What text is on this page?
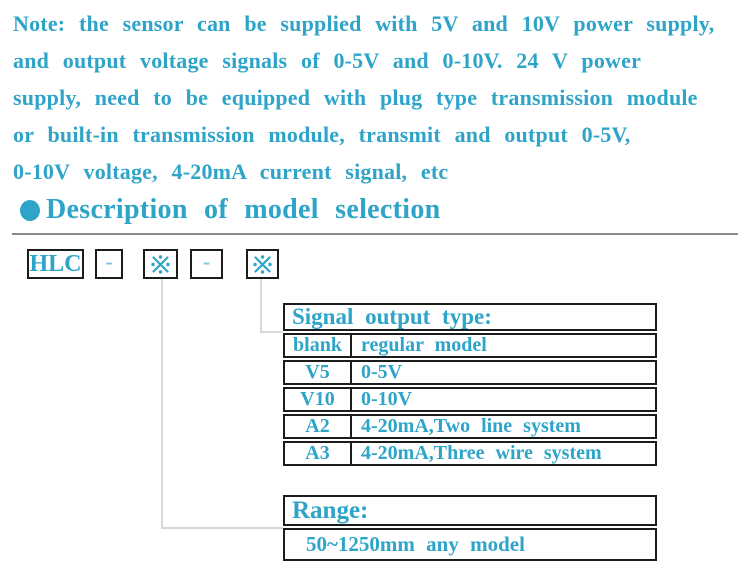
Note: the sensor can be supplied with 5V and 10V power supply,
and output voltage signals of 0-5V and 0-10V. 24 V power
supply, need to be equipped with plug type transmission module
or built-in transmission module, transmit and output 0-5V,
0-10V voltage, 4-20mA current signal, etc
Description of model selection
HLC -	-
Signal output type:
blank regular model
V5	0-5V
V10	0-10V
A2	4-20mA,Two line system
A3	4-20mA,Three wire system
Range:
50~1250mm any model
